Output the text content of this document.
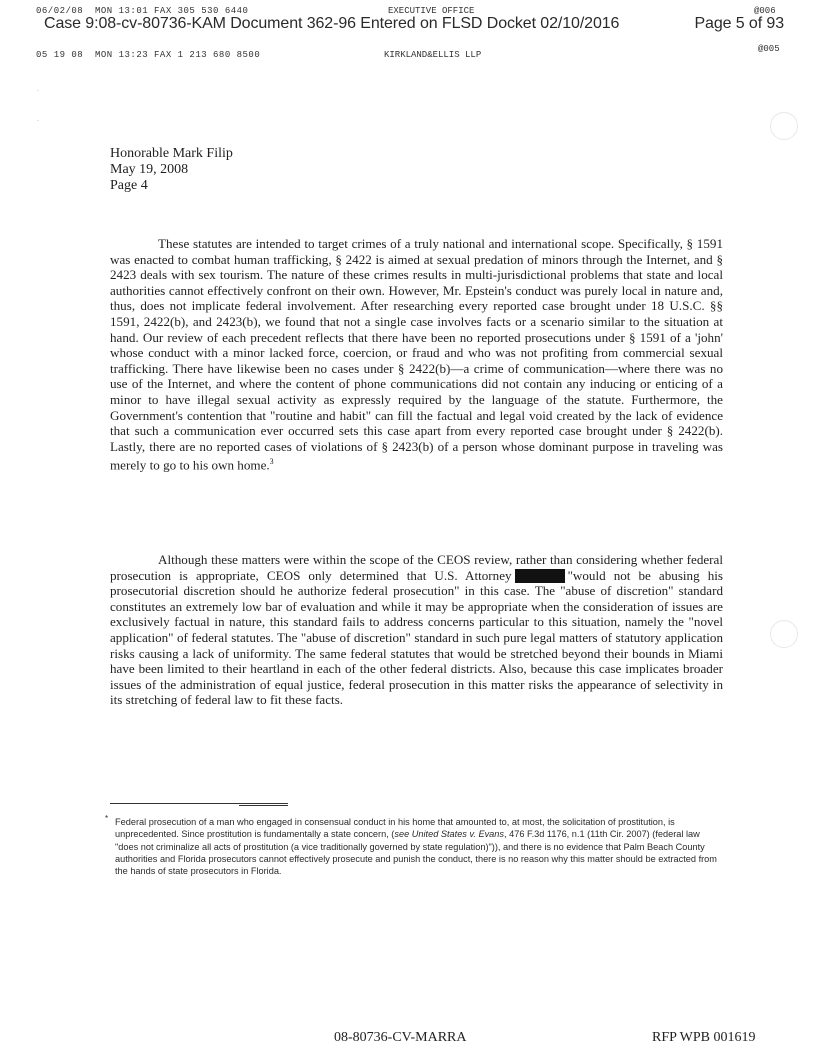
06/02/08  MON 13:01 FAX 305 530 6440	EXECUTIVE OFFICE	@006
Case 9:08-cv-80736-KAM Document 362-96 Entered on FLSD Docket 02/10/2016	Page 5 of 93
05 19 08  MON 13:23 FAX 1 213 680 8500	KIRKLAND&ELLIS LLP
@005
·
·
Honorable Mark Filip
May 19, 2008
Page 4
These statutes are intended to target crimes of a truly national and international scope. Specifically, § 1591 was enacted to combat human trafficking, § 2422 is aimed at sexual predation of minors through the Internet, and § 2423 deals with sex tourism. The nature of these crimes results in multi-jurisdictional problems that state and local authorities cannot effectively confront on their own. However, Mr. Epstein's conduct was purely local in nature and, thus, does not implicate federal involvement. After researching every reported case brought under 18 U.S.C. §§ 1591, 2422(b), and 2423(b), we found that not a single case involves facts or a scenario similar to the situation at hand. Our review of each precedent reflects that there have been no reported prosecutions under § 1591 of a 'john' whose conduct with a minor lacked force, coercion, or fraud and who was not profiting from commercial sexual trafficking. There have likewise been no cases under § 2422(b)—a crime of communication—where there was no use of the Internet, and where the content of phone communications did not contain any inducing or enticing of a minor to have illegal sexual activity as expressly required by the language of the statute. Furthermore, the Government's contention that "routine and habit" can fill the factual and legal void created by the lack of evidence that such a communication ever occurred sets this case apart from every reported case brought under § 2422(b). Lastly, there are no reported cases of violations of § 2423(b) of a person whose dominant purpose in traveling was merely to go to his own home.$^3$
Although these matters were within the scope of the CEOS review, rather than considering whether federal prosecution is appropriate, CEOS only determined that U.S. Attorney	"would not be abusing his prosecutorial discretion should he authorize federal prosecution" in this case. The "abuse of discretion" standard constitutes an extremely low bar of evaluation and while it may be appropriate when the consideration of issues are exclusively factual in nature, this standard fails to address concerns particular to this situation, namely the "novel application" of federal statutes. The "abuse of discretion" standard in such pure legal matters of statutory application risks causing a lack of uniformity. The same federal statutes that would be stretched beyond their bounds in Miami have been limited to their heartland in each of the other federal districts. Also, because this case implicates broader issues of the administration of equal justice, federal prosecution in this matter risks the appearance of selectivity in its stretching of federal law to fit these facts.
* Federal prosecution of a man who engaged in consensual conduct in his home that amounted to, at most, the solicitation of prostitution, is unprecedented. Since prostitution is fundamentally a state concern, (see United States v. Evans, 476 F.3d 1176, n.1 (11th Cir. 2007) (federal law "does not criminalize all acts of prostitution (a vice traditionally governed by state regulation)")), and there is no evidence that Palm Beach County authorities and Florida prosecutors cannot effectively prosecute and punish the conduct, there is no reason why this matter should be extracted from the hands of state prosecutors in Florida.
08-80736-CV-MARRA	RFP WPB 001619
